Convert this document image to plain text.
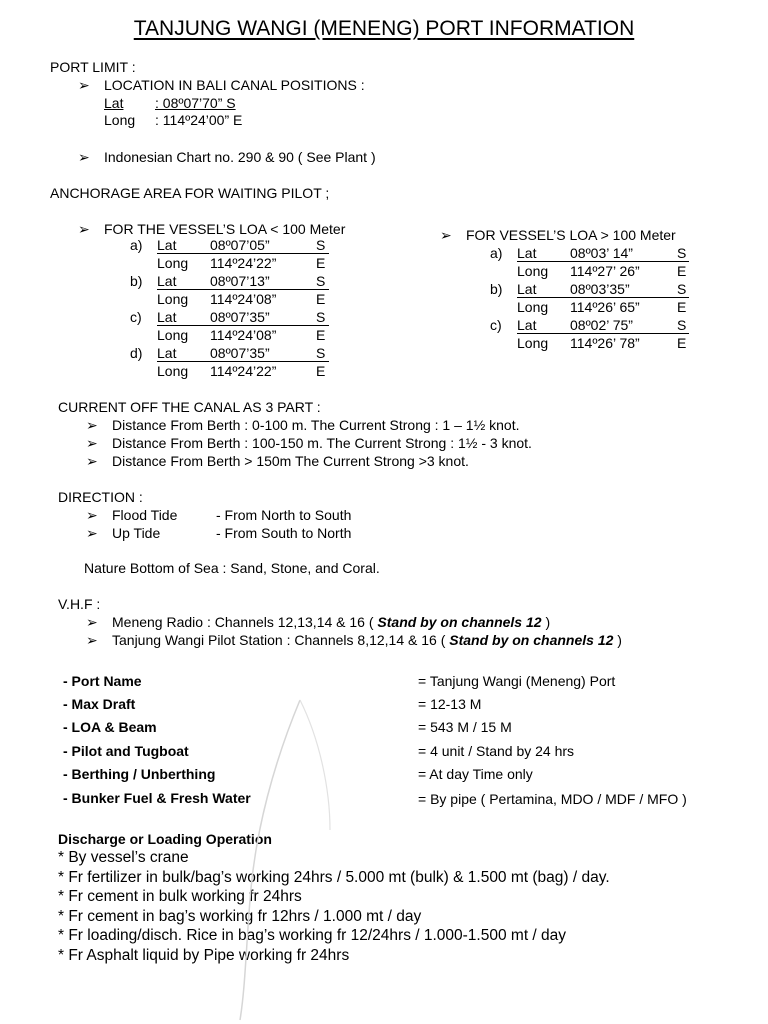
TANJUNG WANGI (MENENG) PORT INFORMATION
PORT LIMIT :
➢ LOCATION IN BALI CANAL POSITIONS :
Lat : 08º07’70” S
Long : 114º24’00” E
➢ Indonesian Chart no. 290 & 90 ( See Plant )
ANCHORAGE AREA FOR WAITING PILOT ;
➢ FOR THE VESSEL’S LOA < 100 Meter
a) Lat 08º07’05”	S
Long 114º24’22”	E
b) Lat 08º07’13”	S
Long 114º24’08”	E
c) Lat 08º07’35”	S
Long 114º24’08”	E
d) Lat 08º07’35”	S
Long 114º24’22”	E
➢ FOR VESSEL’S LOA > 100 Meter
a) Lat 08º03’ 14”	S
Long 114º27’ 26”	E
b) Lat 08º03’35”	S
Long 114º26’ 65”	E
c) Lat 08º02’ 75”	S
Long 114º26’ 78”	E
CURRENT OFF THE CANAL AS 3 PART :
➢ Distance From Berth : 0-100 m. The Current Strong : 1 – 1½ knot.
➢ Distance From Berth : 100-150 m. The Current Strong : 1½ - 3 knot.
➢ Distance From Berth > 150m The Current Strong >3 knot.
DIRECTION :
➢ Flood Tide	- From North to South
➢ Up Tide	- From South to North
Nature Bottom of Sea : Sand, Stone, and Coral.
V.H.F :
➢ Meneng Radio : Channels 12,13,14 & 16 ( Stand by on channels 12 )
➢ Tanjung Wangi Pilot Station : Channels 8,12,14 & 16 ( Stand by on channels 12 )
- Port Name	= Tanjung Wangi (Meneng) Port
- Max Draft	= 12-13 M
- LOA & Beam	= 543 M / 15 M
- Pilot and Tugboat	= 4 unit / Stand by 24 hrs
- Berthing / Unberthing	= At day Time only
- Bunker Fuel & Fresh Water	= By pipe ( Pertamina, MDO / MDF / MFO )
Discharge or Loading Operation
* By vessel’s crane
* Fr fertilizer in bulk/bag’s working 24hrs / 5.000 mt (bulk) & 1.500 mt (bag) / day.
* Fr cement in bulk working fr 24hrs
* Fr cement in bag’s working fr 12hrs / 1.000 mt / day
* Fr loading/disch. Rice in bag’s working fr 12/24hrs / 1.000-1.500 mt / day
* Fr Asphalt liquid by Pipe working fr 24hrs
